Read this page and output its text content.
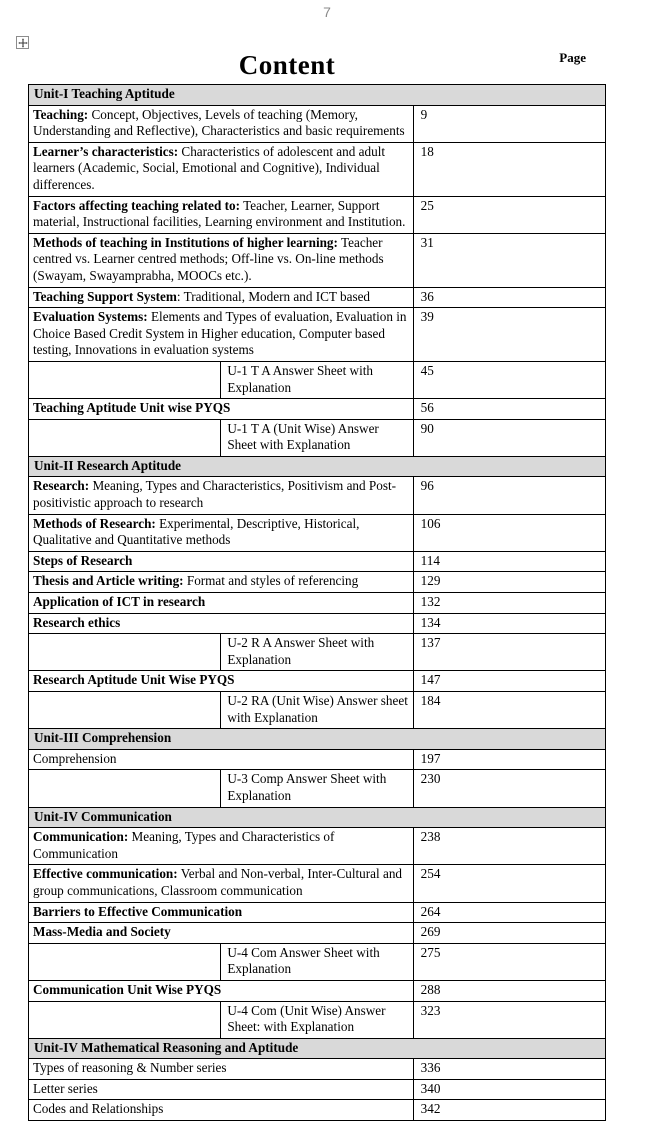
7
Content	Page
Unit-I Teaching Aptitude		
Teaching: Concept, Objectives, Levels of teaching (Memory, Understanding and Reflective), Characteristics and basic requirements		9
Learner’s characteristics: Characteristics of adolescent and adult learners (Academic, Social, Emotional and Cognitive), Individual differences.		18
Factors affecting teaching related to: Teacher, Learner, Support material, Instructional facilities, Learning environment and Institution.		25
Methods of teaching in Institutions of higher learning: Teacher centred vs. Learner centred methods; Off-line vs. On-line methods (Swayam, Swayamprabha, MOOCs etc.).		31
Teaching Support System: Traditional, Modern and ICT based		36
Evaluation Systems: Elements and Types of evaluation, Evaluation in Choice Based Credit System in Higher education, Computer based testing, Innovations in evaluation systems		39
	U-1 T A Answer Sheet with Explanation	45
Teaching Aptitude Unit wise PYQS		56
	U-1 T A (Unit Wise) Answer Sheet with Explanation	90
Unit-II Research Aptitude		
Research: Meaning, Types and Characteristics, Positivism and Post- positivistic approach to research		96
Methods of Research: Experimental, Descriptive, Historical, Qualitative and Quantitative methods		106
Steps of Research		114
Thesis and Article writing: Format and styles of referencing		129
Application of ICT in research		132
Research ethics		134
	U-2 R A Answer Sheet with Explanation	137
Research Aptitude Unit Wise PYQS		147
	U-2 RA (Unit Wise) Answer sheet with Explanation	184
Unit-III Comprehension		
Comprehension		197
	U-3 Comp Answer Sheet with Explanation	230
Unit-IV Communication		
Communication: Meaning, Types and Characteristics of Communication		238
Effective communication: Verbal and Non-verbal, Inter-Cultural and group communications, Classroom communication		254
Barriers to Effective Communication		264
Mass-Media and Society		269
	U-4 Com Answer Sheet with Explanation	275
Communication Unit Wise PYQS		288
	U-4 Com (Unit Wise) Answer Sheet: with Explanation	323
Unit-IV Mathematical Reasoning and Aptitude		
Types of reasoning & Number series		336
Letter series		340
Codes and Relationships		342
